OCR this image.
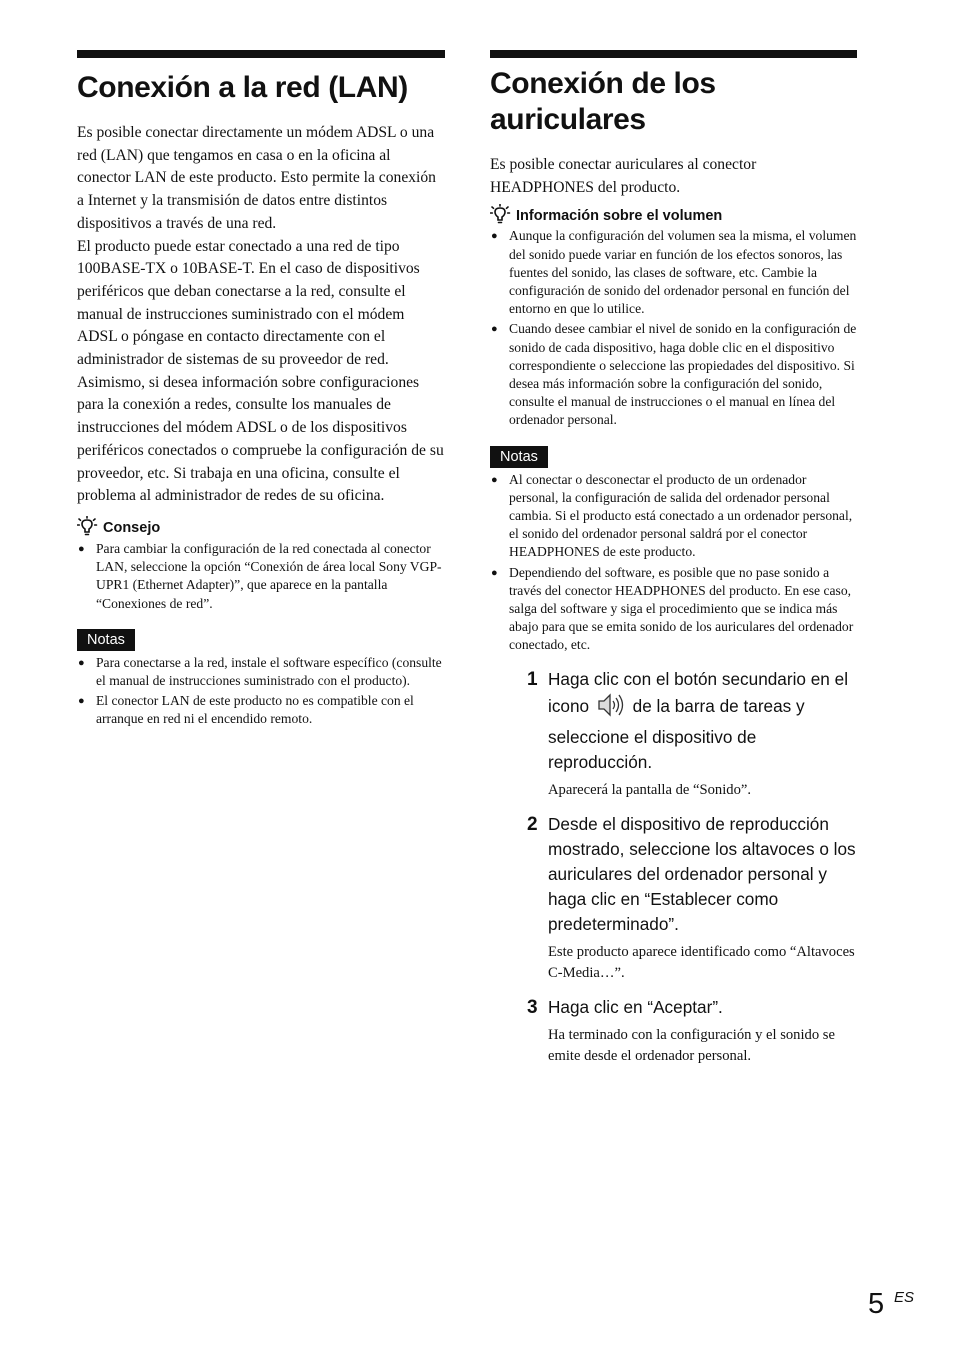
Conexión a la red (LAN)

Es posible conectar directamente un módem ADSL o una red (LAN) que tengamos en casa o en la oficina al conector LAN de este producto. Esto permite la conexión a Internet y la transmisión de datos entre distintos dispositivos a través de una red.

El producto puede estar conectado a una red de tipo 100BASE-TX o 10BASE-T. En el caso de dispositivos periféricos que deban conectarse a la red, consulte el manual de instrucciones suministrado con el módem ADSL o póngase en contacto directamente con el administrador de sistemas de su proveedor de red.

Asimismo, si desea información sobre configuraciones para la conexión a redes, consulte los manuales de instrucciones del módem ADSL o de los dispositivos periféricos conectados o compruebe la configuración de su proveedor, etc. Si trabaja en una oficina, consulte el problema al administrador de redes de su oficina.

Consejo
● Para cambiar la configuración de la red conectada al conector LAN, seleccione la opción “Conexión de área local Sony VGP-UPR1 (Ethernet Adapter)”, que aparece en la pantalla “Conexiones de red”.
Notas
● Para conectarse a la red, instale el software específico (consulte el manual de instrucciones suministrado con el producto).
● El conector LAN de este producto no es compatible con el arranque en red ni el encendido remoto.
Conexión de los
auriculares

Es posible conectar auriculares al conector HEADPHONES del producto.

Información sobre el volumen
● Aunque la configuración del volumen sea la misma, el volumen del sonido puede variar en función de los efectos sonoros, las fuentes del sonido, las clases de software, etc. Cambie la configuración de sonido del ordenador personal en función del entorno en que lo utilice.
● Cuando desee cambiar el nivel de sonido en la configuración de sonido de cada dispositivo, haga doble clic en el dispositivo correspondiente o seleccione las propiedades del dispositivo. Si desea más información sobre la configuración del sonido, consulte el manual de instrucciones o el manual en línea del ordenador personal.
Notas
● Al conectar o desconectar el producto de un ordenador personal, la configuración de salida del ordenador personal cambia. Si el producto está conectado a un ordenador personal, el sonido del ordenador personal saldrá por el conector HEADPHONES de este producto.
● Dependiendo del software, es posible que no pase sonido a través del conector HEADPHONES del producto. En ese caso, salga del software y siga el procedimiento que se indica más abajo para que se emita sonido de los auriculares del ordenador conectado, etc.
1 Haga clic con el botón secundario en el icono	de la barra de tareas y seleccione el dispositivo de reproducción.
Aparecerá la pantalla de “Sonido”.
2 Desde el dispositivo de reproducción mostrado, seleccione los altavoces o los auriculares del ordenador personal y haga clic en “Establecer como predeterminado”.
Este producto aparece identificado como “Altavoces C-Media…”.
3 Haga clic en “Aceptar”.
Ha terminado con la configuración y el sonido se emite desde el ordenador personal.
5 ES
